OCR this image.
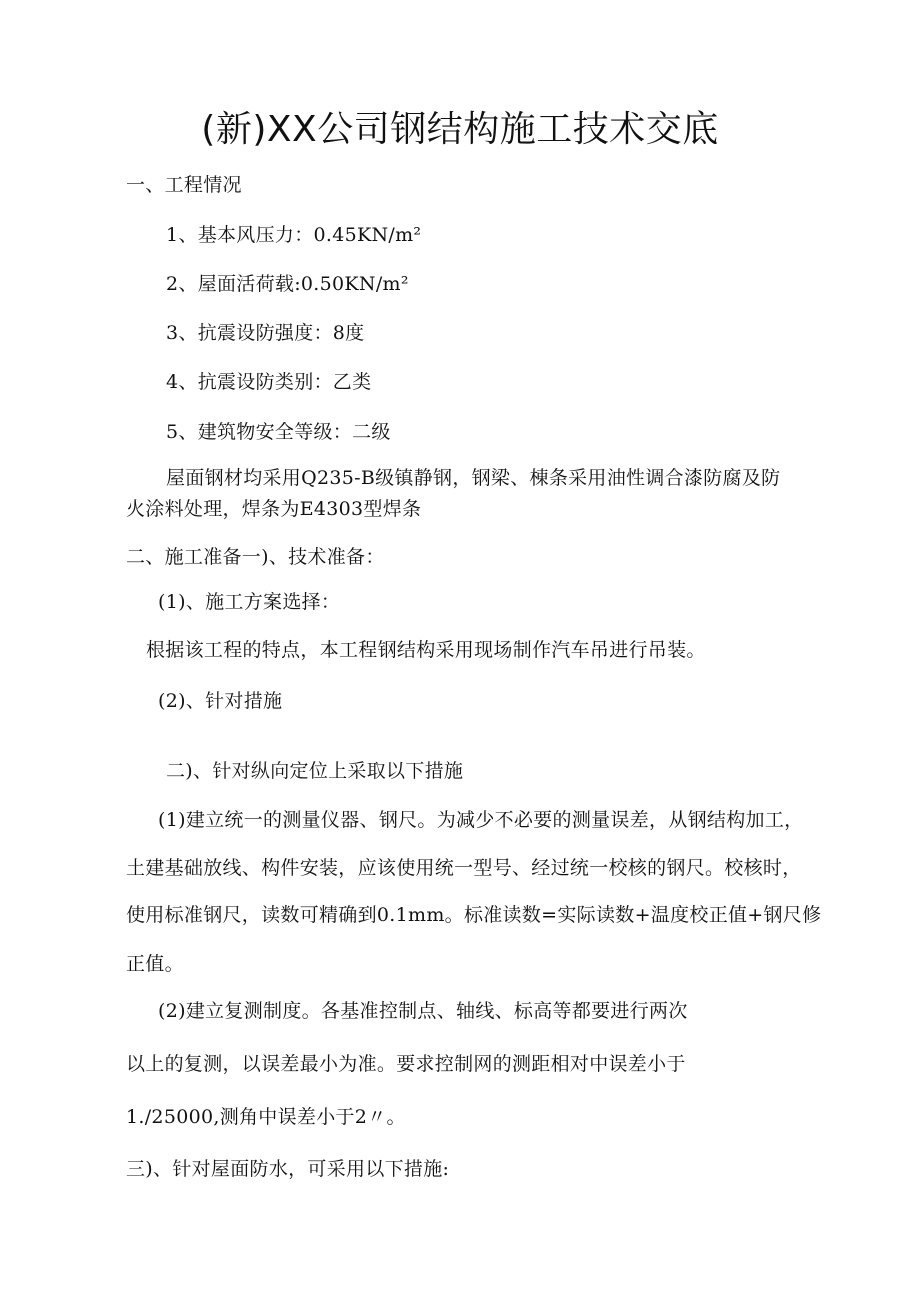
(新)XX公司钢结构施工技术交底
一、工程情况
1、基本风压力：0.45KN/m²
2、屋面活荷载:0.50KN/m²
3、抗震设防强度：8度
4、抗震设防类别：乙类
5、建筑物安全等级：二级
屋面钢材均采用Q235-B级镇静钢，钢梁、棟条采用油性调合漆防腐及防
火涂料处理，焊条为E4303型焊条
二、施工准备一)、技术准备：
(1)、施工方案选择：
根据该工程的特点，本工程钢结构采用现场制作汽车吊进行吊装。
(2)、针对措施
二)、针对纵向定位上采取以下措施
(1)建立统一的测量仪器、钢尺。为减少不必要的测量误差，从钢结构加工，
土建基础放线、构件安装，应该使用统一型号、经过统一校核的钢尺。校核时，
使用标准钢尺，读数可精确到0.1mm。标准读数=实际读数+温度校正值+钢尺修
正值。
(2)建立复测制度。各基准控制点、轴线、标高等都要进行两次
以上的复测，以误差最小为准。要求控制网的测距相对中误差小于
1./25000,测角中误差小于2〃。
三)、针对屋面防水，可采用以下措施:
